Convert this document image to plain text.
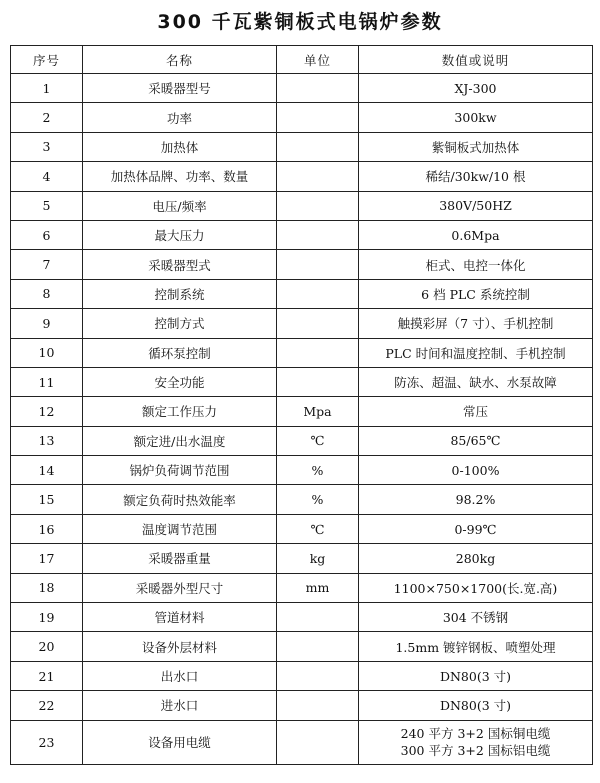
300 千瓦紫铜板式电锅炉参数
序号	名称	单位	数值或说明
1	采暖器型号		XJ-300
2	功率		300kw
3	加热体		紫铜板式加热体
4	加热体品牌、功率、数量		稀结/30kw/10 根
5	电压/频率		380V/50HZ
6	最大压力		0.6Mpa
7	采暖器型式		柜式、电控一体化
8	控制系统		6 档 PLC 系统控制
9	控制方式		触摸彩屏（7 寸）、手机控制
10	循环泵控制		PLC 时间和温度控制、手机控制
11	安全功能		防冻、超温、缺水、水泵故障
12	额定工作压力	Mpa	常压
13	额定进/出水温度	℃	85/65℃
14	锅炉负荷调节范围	%	0-100%
15	额定负荷时热效能率	%	98.2%
16	温度调节范围	℃	0-99℃
17	采暖器重量	kg	280kg
18	采暖器外型尺寸	mm	1100×750×1700(长.宽.高)
19	管道材料		304 不锈钢
20	设备外层材料		1.5mm 镀锌钢板、喷塑处理
21	出水口		DN80(3 寸)
22	进水口		DN80(3 寸)
23	设备用电缆		240 平方 3+2 国标铜电缆
300 平方 3+2 国标铝电缆
